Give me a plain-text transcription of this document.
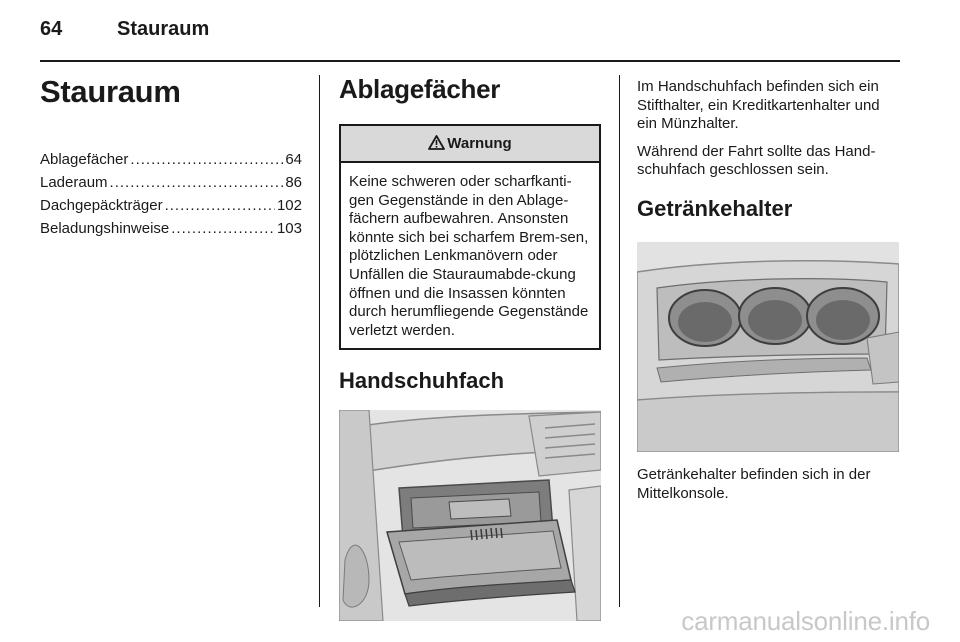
64	Stauraum
Stauraum
Ablagefächer .....	64
Laderaum .....	86
Dachgepäckträger .....	102
Beladungshinweise .....	103
Ablagefächer
Warnung
Keine schweren oder scharfkanti-gen Gegenstände in den Ablage-fächern aufbewahren. Ansonsten könnte sich bei scharfem Brem-sen, plötzlichen Lenkmanövern oder Unfällen die Stauraumabde-ckung öffnen und die Insassen könnten durch herumfliegende Gegenstände verletzt werden.
Handschuhfach

Im Handschuhfach befinden sich ein Stifthalter, ein Kreditkartenhalter und ein Münzhalter.

Während der Fahrt sollte das Hand-schuhfach geschlossen sein.

Getränkehalter

Getränkehalter befinden sich in der Mittelkonsole.

carmanualsonline.info
